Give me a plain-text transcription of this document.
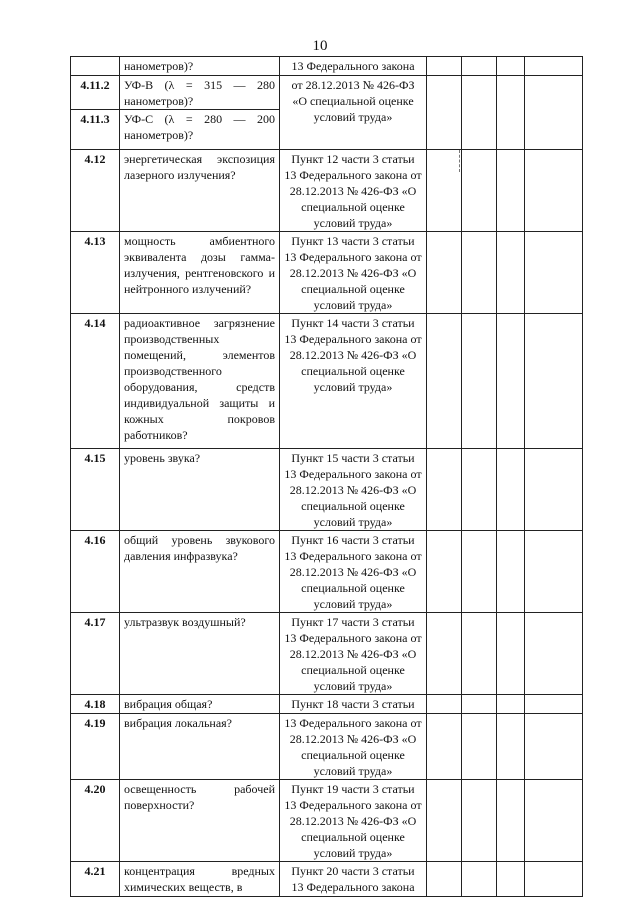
10
	нанометров)?	13 Федерального закона				
4.11.2	УФ-В (λ = 315 — 280 нанометров)?	от 28.12.2013 № 426-ФЗ «О специальной оценке условий труда»				
4.11.3	УФ-С (λ = 280 — 200 нанометров)?					
4.12	энергетическая экспозиция лазерного излучения?	Пункт 12 части 3 статьи 13 Федерального закона от 28.12.2013 № 426-ФЗ «О специальной оценке условий труда»				
4.13	мощность амбиентного эквивалента дозы гамма-излучения, рентгеновского и нейтронного излучений?	Пункт 13 части 3 статьи 13 Федерального закона от 28.12.2013 № 426-ФЗ «О специальной оценке условий труда»				
4.14	радиоактивное загрязнение производственных помещений, элементов производственного оборудования, средств индивидуальной защиты и кожных покровов работников?	Пункт 14 части 3 статьи 13 Федерального закона от 28.12.2013 № 426-ФЗ «О специальной оценке условий труда»				
4.15	уровень звука?	Пункт 15 части 3 статьи 13 Федерального закона от 28.12.2013 № 426-ФЗ «О специальной оценке условий труда»				
4.16	общий уровень звукового давления инфразвука?	Пункт 16 части 3 статьи 13 Федерального закона от 28.12.2013 № 426-ФЗ «О специальной оценке условий труда»				
4.17	ультразвук воздушный?	Пункт 17 части 3 статьи 13 Федерального закона от 28.12.2013 № 426-ФЗ «О специальной оценке условий труда»				
4.18	вибрация общая?	Пункт 18 части 3 статьи				
4.19	вибрация локальная?	13 Федерального закона от 28.12.2013 № 426-ФЗ «О специальной оценке условий труда»				
4.20	освещенность рабочей поверхности?	Пункт 19 части 3 статьи 13 Федерального закона от 28.12.2013 № 426-ФЗ «О специальной оценке условий труда»				
4.21	концентрация вредных химических веществ, в	Пункт 20 части 3 статьи 13 Федерального закона				
